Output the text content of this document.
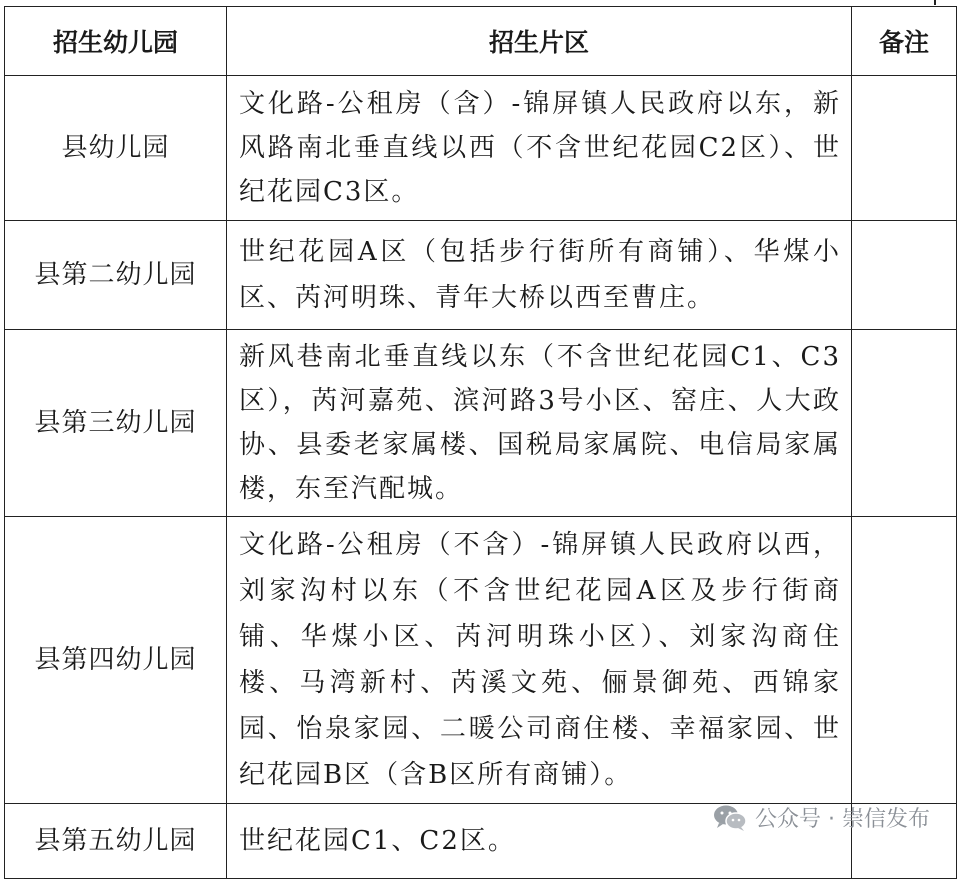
招生幼儿园	招生片区	备注
县幼儿园	文化路-公租房（含）-锦屏镇人民政府以东，新风路南北垂直线以西（不含世纪花园C2区）、世纪花园C3区。	

县第二幼儿园	世纪花园A区（包括步行街所有商铺）、华煤小区、芮河明珠、青年大桥以西至曹庄。	

县第三幼儿园	新风巷南北垂直线以东（不含世纪花园C1、C3区），芮河嘉苑、滨河路3号小区、窑庄、人大政协、县委老家属楼、国税局家属院、电信局家属楼，东至汽配城。	

县第四幼儿园	文化路-公租房（不含）-锦屏镇人民政府以西，刘家沟村以东（不含世纪花园A区及步行街商铺、华煤小区、芮河明珠小区）、刘家沟商住楼、马湾新村、芮溪文苑、俪景御苑、西锦家园、怡泉家园、二暖公司商住楼、幸福家园、世纪花园B区（含B区所有商铺）。	

县第五幼儿园	世纪花园C1、C2区。	

公众号 · 崇信发布
